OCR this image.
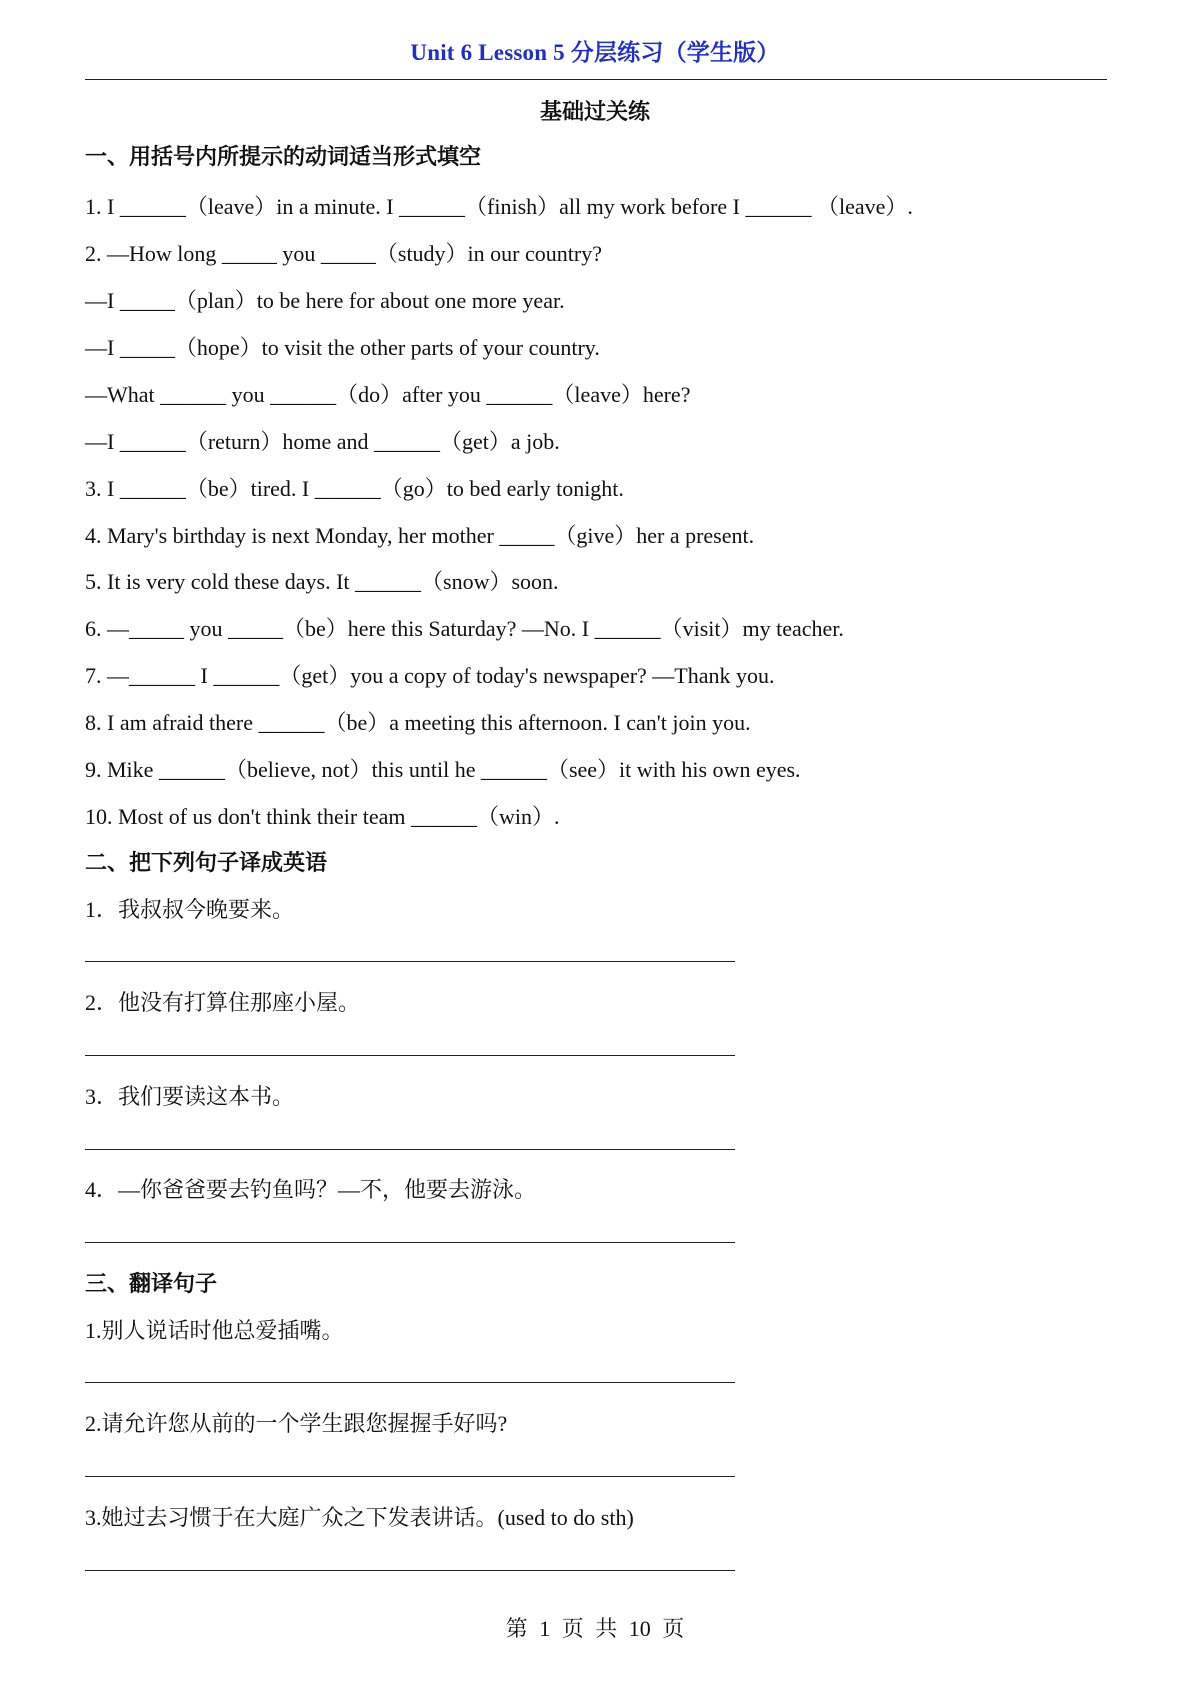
Unit 6 Lesson 5 分层练习（学生版）
基础过关练
一、用括号内所提示的动词适当形式填空
1. I ______（leave）in a minute. I ______（finish）all my work before I ______ （leave）.
2. —How long _____ you _____（study）in our country?
—I _____（plan）to be here for about one more year.
—I _____（hope）to visit the other parts of your country.
—What ______ you ______（do）after you ______（leave）here?
—I ______（return）home and ______（get）a job.
3. I ______（be）tired. I ______（go）to bed early tonight.
4. Mary's birthday is next Monday, her mother _____（give）her a present.
5. It is very cold these days. It ______（snow）soon.
6. —_____ you _____（be）here this Saturday? —No. I ______（visit）my teacher.
7. —______ I ______（get）you a copy of today's newspaper? —Thank you.
8. I am afraid there ______（be）a meeting this afternoon. I can't join you.
9. Mike ______（believe, not）this until he ______（see）it with his own eyes.
10. Most of us don't think their team ______（win）.
二、把下列句子译成英语
1．我叔叔今晚要来。
2．他没有打算住那座小屋。
3．我们要读这本书。
4．—你爸爸要去钓鱼吗？—不，他要去游泳。
三、翻译句子
1.别人说话时他总爱插嘴。
2.请允许您从前的一个学生跟您握握手好吗?
3.她过去习惯于在大庭广众之下发表讲话。(used to do sth)
第 1 页 共 10 页
